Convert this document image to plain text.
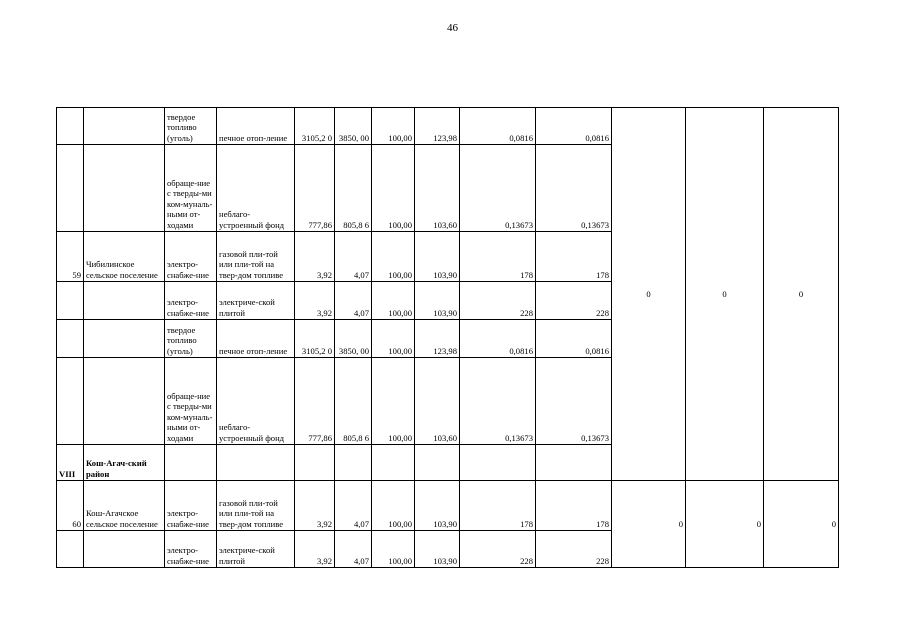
46
		твердое топливо (уголь)	печное отоп-ление	3105,2 0	3850, 00	100,00	123,98	0,0816	0,0816	0	0	0
		обраще-ние с тверды-ми ком-муналь-ными от-ходами	неблаго-устроенный фонд	777,86	805,8 6	100,00	103,60	0,13673	0,13673			
59	Чибилинское сельское поселение	электро-снабже-ние	газовой пли-той или пли-той на твер-дом топливе	3,92	4,07	100,00	103,90	178	178			
		электро-снабже-ние	электриче-ской плитой	3,92	4,07	100,00	103,90	228	228			
		твердое топливо (уголь)	печное отоп-ление	3105,2 0	3850, 00	100,00	123,98	0,0816	0,0816			
		обраще-ние с тверды-ми ком-муналь-ными от-ходами	неблаго-устроенный фонд	777,86	805,8 6	100,00	103,60	0,13673	0,13673			
VIII	Кош-Агач-ский район											
60	Кош-Агачское сельское поселение	электро-снабже-ние	газовой пли-той или пли-той на твер-дом топливе	3,92	4,07	100,00	103,90	178	178	0	0	0
		электро-снабже-ние	электриче-ской плитой	3,92	4,07	100,00	103,90	228	228			
